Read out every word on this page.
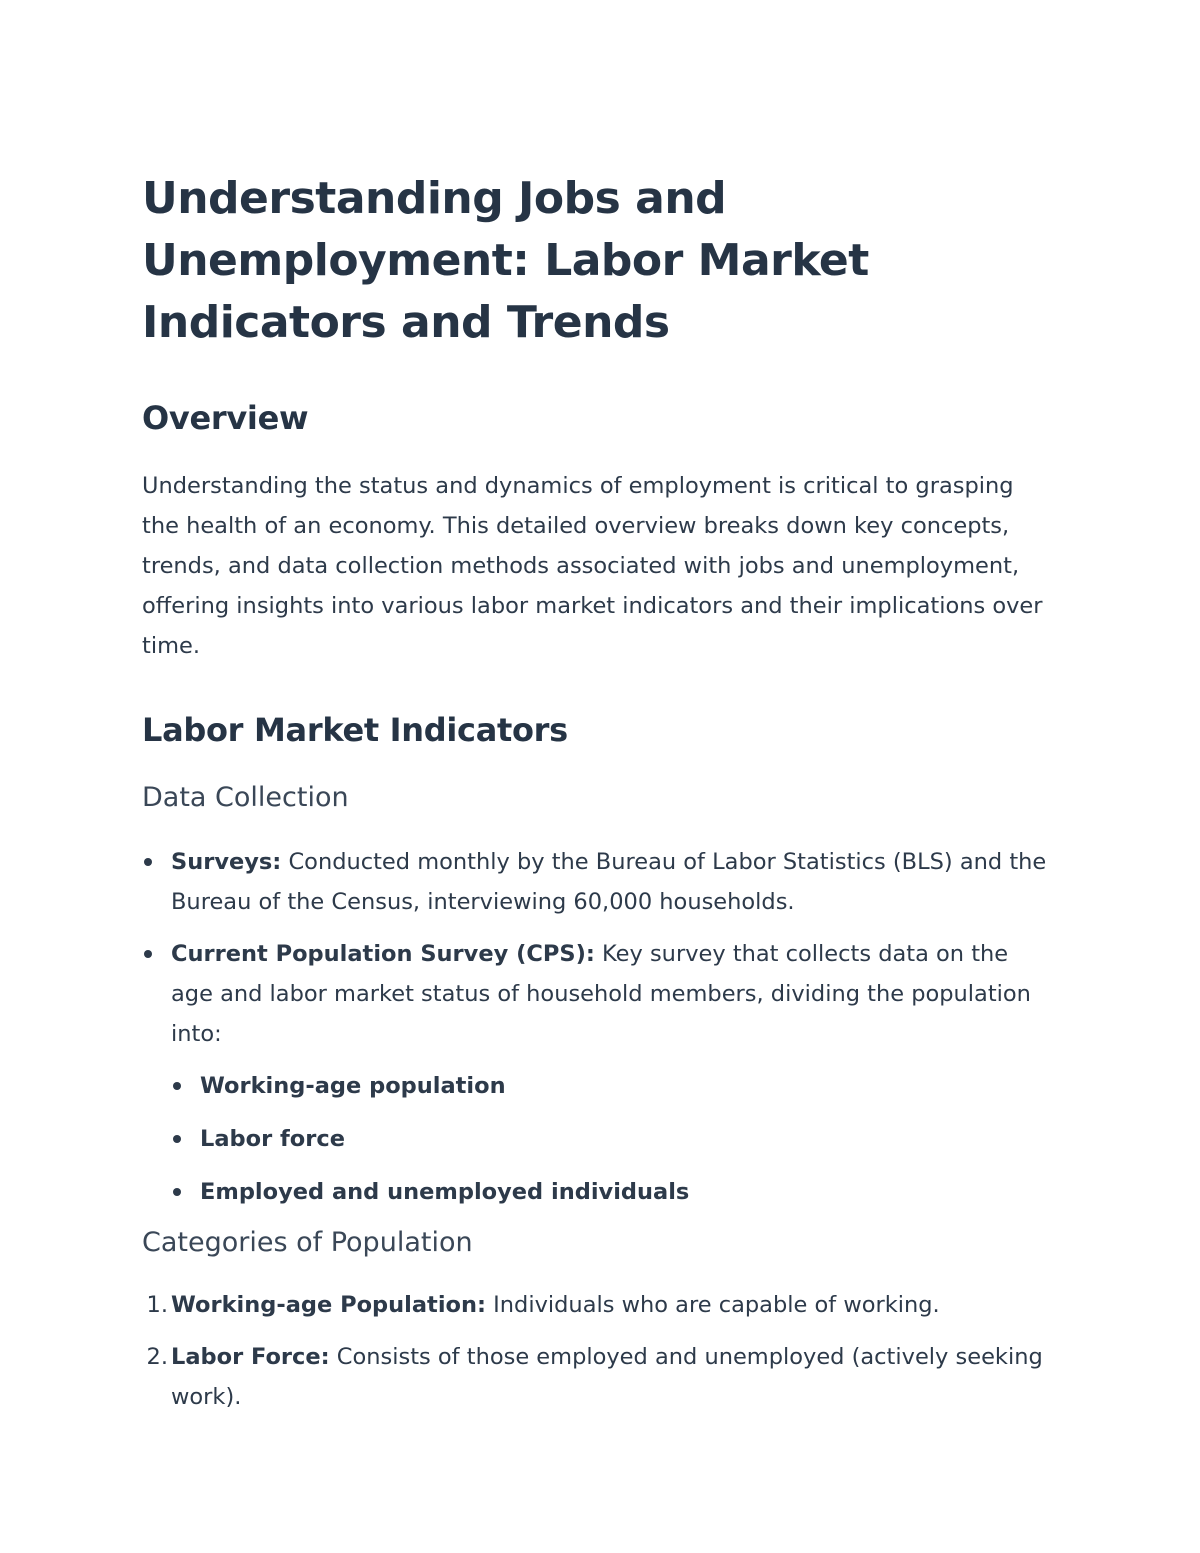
Understanding Jobs and Unemployment: Labor Market Indicators and Trends
Overview

Understanding the status and dynamics of employment is critical to grasping the health of an economy. This detailed overview breaks down key concepts, trends, and data collection methods associated with jobs and unemployment, offering insights into various labor market indicators and their implications over time.

Labor Market Indicators
Data Collection
Surveys: Conducted monthly by the Bureau of Labor Statistics (BLS) and the Bureau of the Census, interviewing 60,000 households.
Current Population Survey (CPS): Key survey that collects data on the age and labor market status of household members, dividing the population into:
Working-age population
Labor force
Employed and unemployed individuals
Categories of Population
1. Working-age Population: Individuals who are capable of working.
2. Labor Force: Consists of those employed and unemployed (actively seeking work).
